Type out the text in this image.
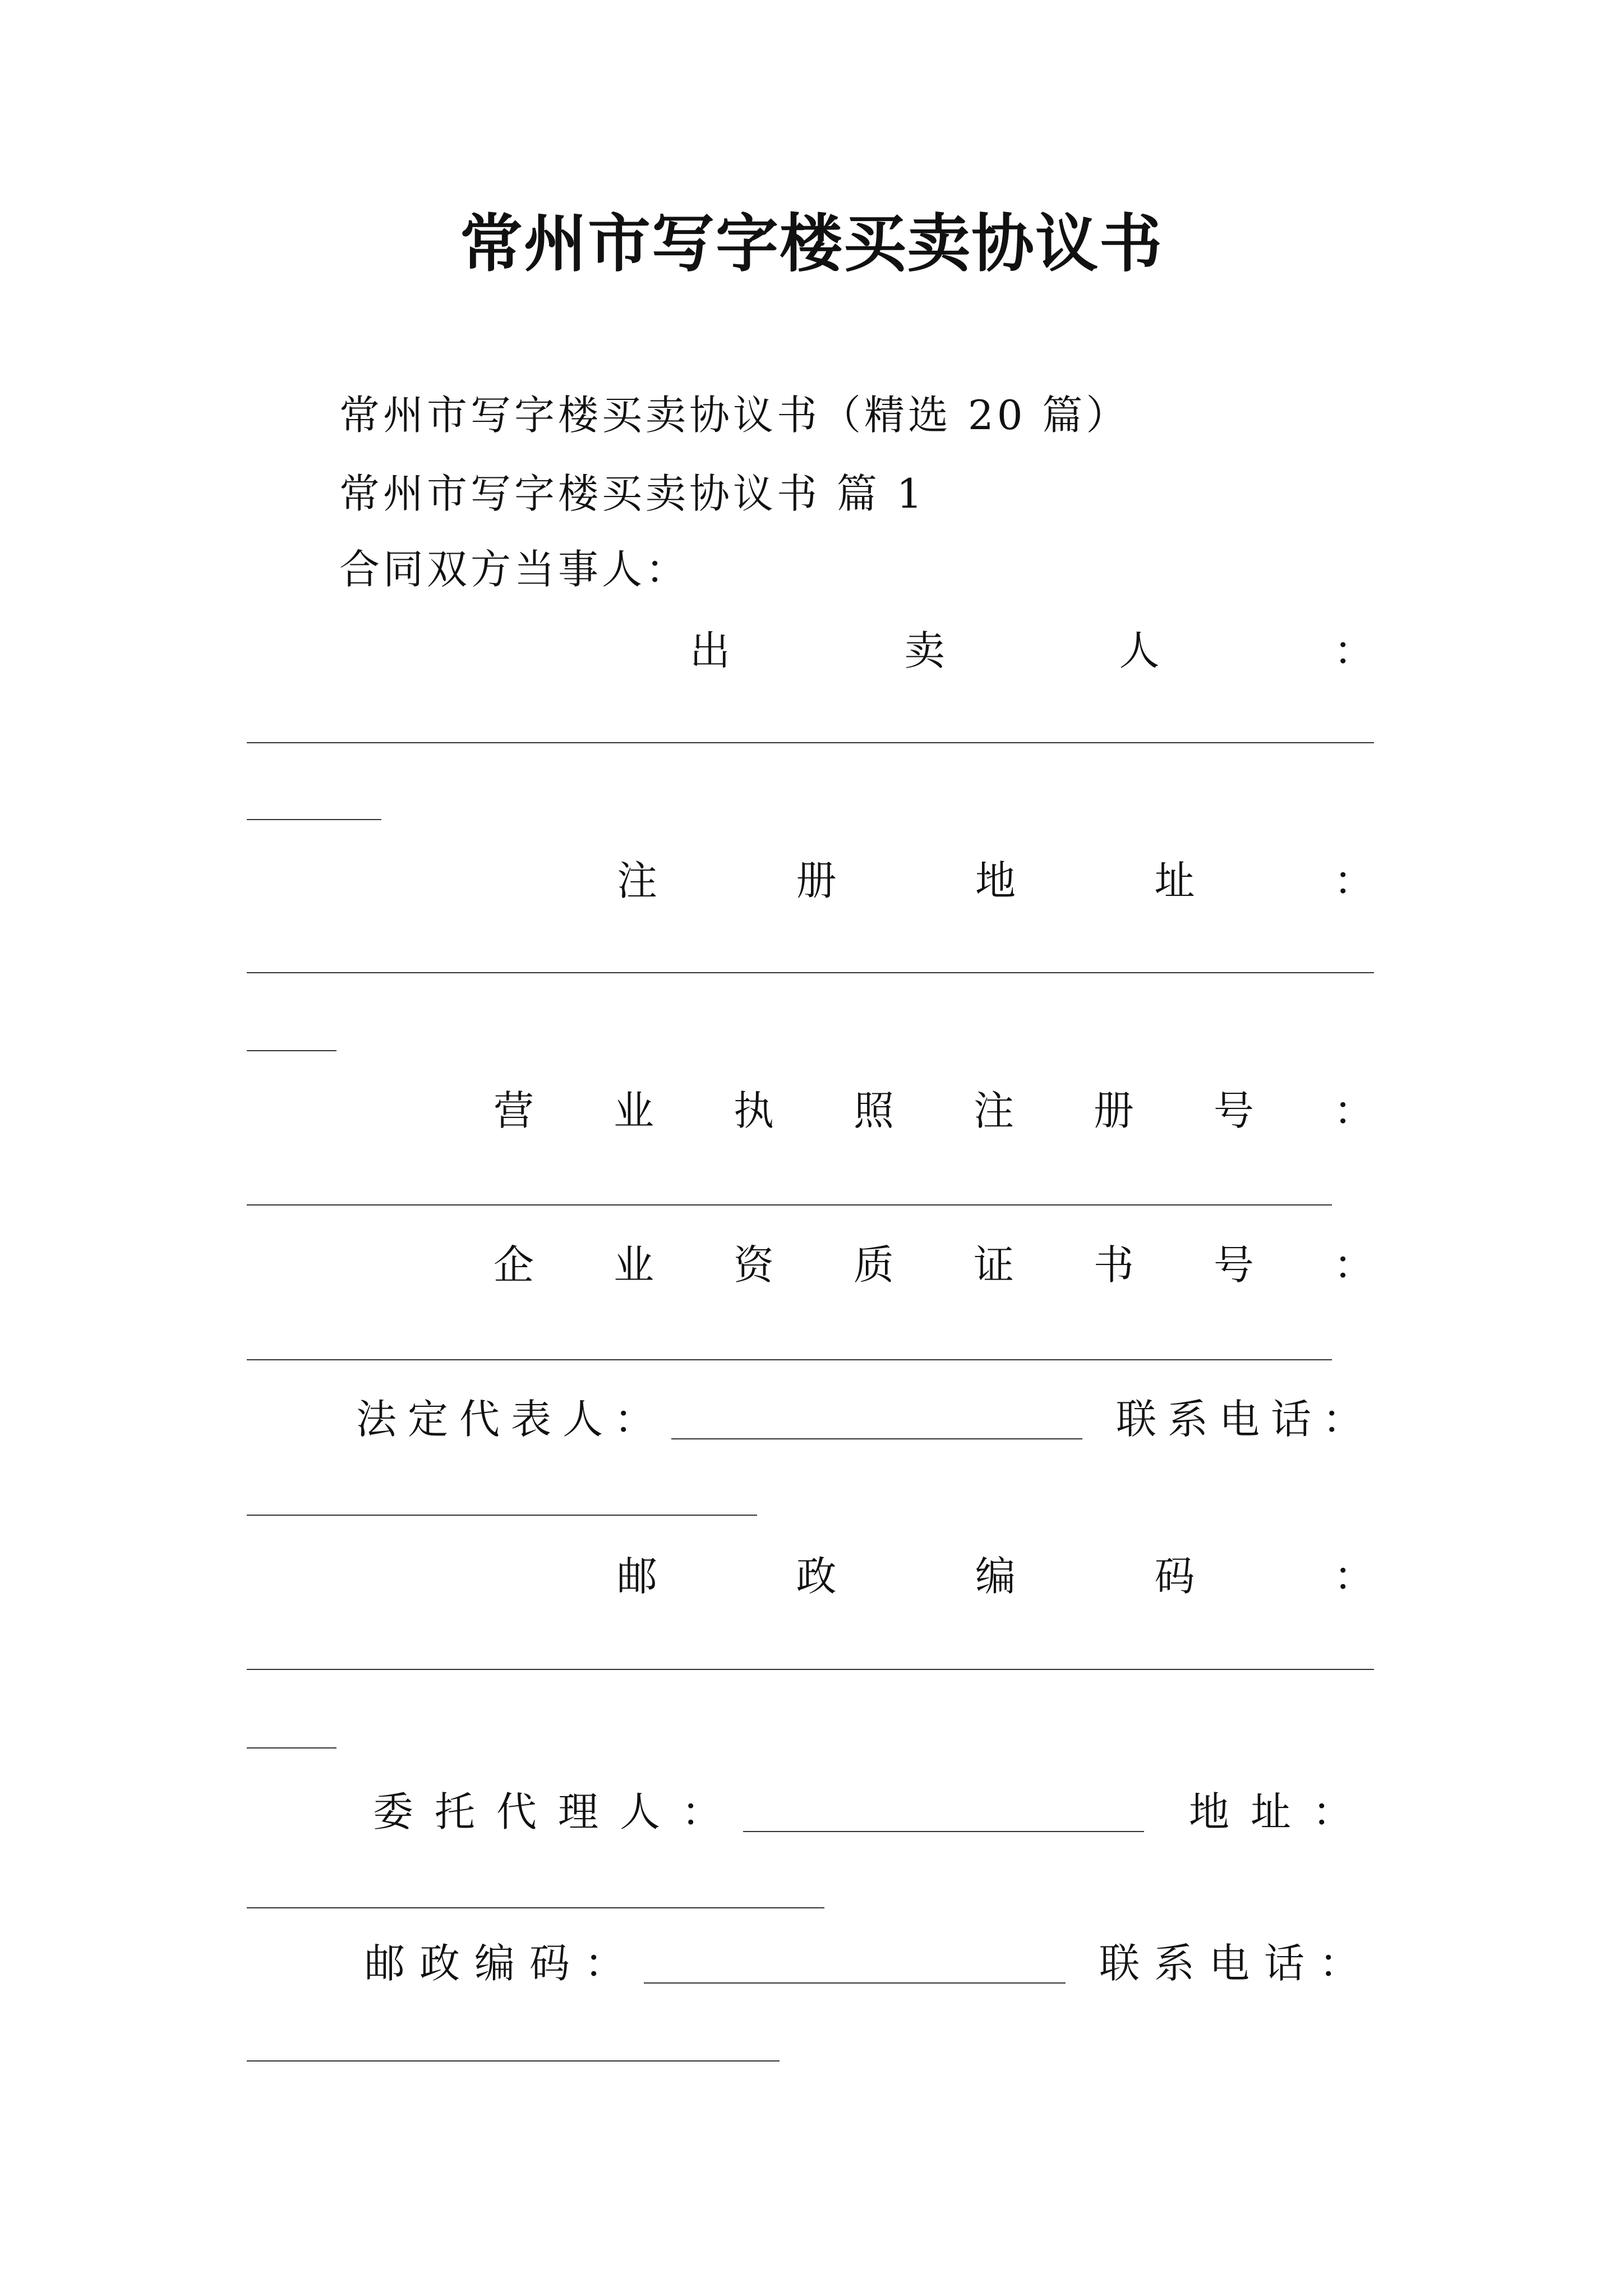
常州市写字楼买卖协议书
常州市写字楼买卖协议书（精选 20 篇）
常州市写字楼买卖协议书 篇 1
合同双方当事人：
出	卖	人	：
注	册	地	址	：
营 业 执 照 注 册 号 ：
企 业 资 质 证 书 号 ：
法定代表人：	联系电话：
邮	政	编	码	：
委托代理人：	地址：
邮政编码：	联系电话：
